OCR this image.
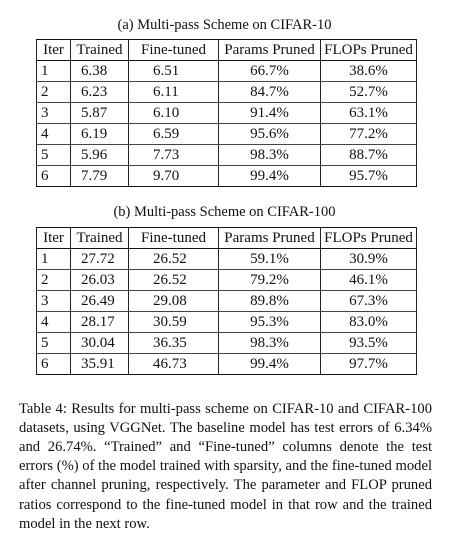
(a) Multi-pass Scheme on CIFAR-10
Iter	Trained	Fine-tuned	Params Pruned	FLOPs Pruned
1	6.38	6.51	66.7%	38.6%
2	6.23	6.11	84.7%	52.7%
3	5.87	6.10	91.4%	63.1%
4	6.19	6.59	95.6%	77.2%
5	5.96	7.73	98.3%	88.7%
6	7.79	9.70	99.4%	95.7%
(b) Multi-pass Scheme on CIFAR-100
Iter	Trained	Fine-tuned	Params Pruned	FLOPs Pruned
1	27.72	26.52	59.1%	30.9%
2	26.03	26.52	79.2%	46.1%
3	26.49	29.08	89.8%	67.3%
4	28.17	30.59	95.3%	83.0%
5	30.04	36.35	98.3%	93.5%
6	35.91	46.73	99.4%	97.7%

Table 4: Results for multi-pass scheme on CIFAR-10 and CIFAR-100 datasets, using VGGNet. The baseline model has test errors of 6.34% and 26.74%. “Trained” and “Fine-tuned” columns denote the test errors (%) of the model trained with sparsity, and the fine-tuned model after channel pruning, respectively. The parameter and FLOP pruned ratios correspond to the fine-tuned model in that row and the trained model in the next row.
